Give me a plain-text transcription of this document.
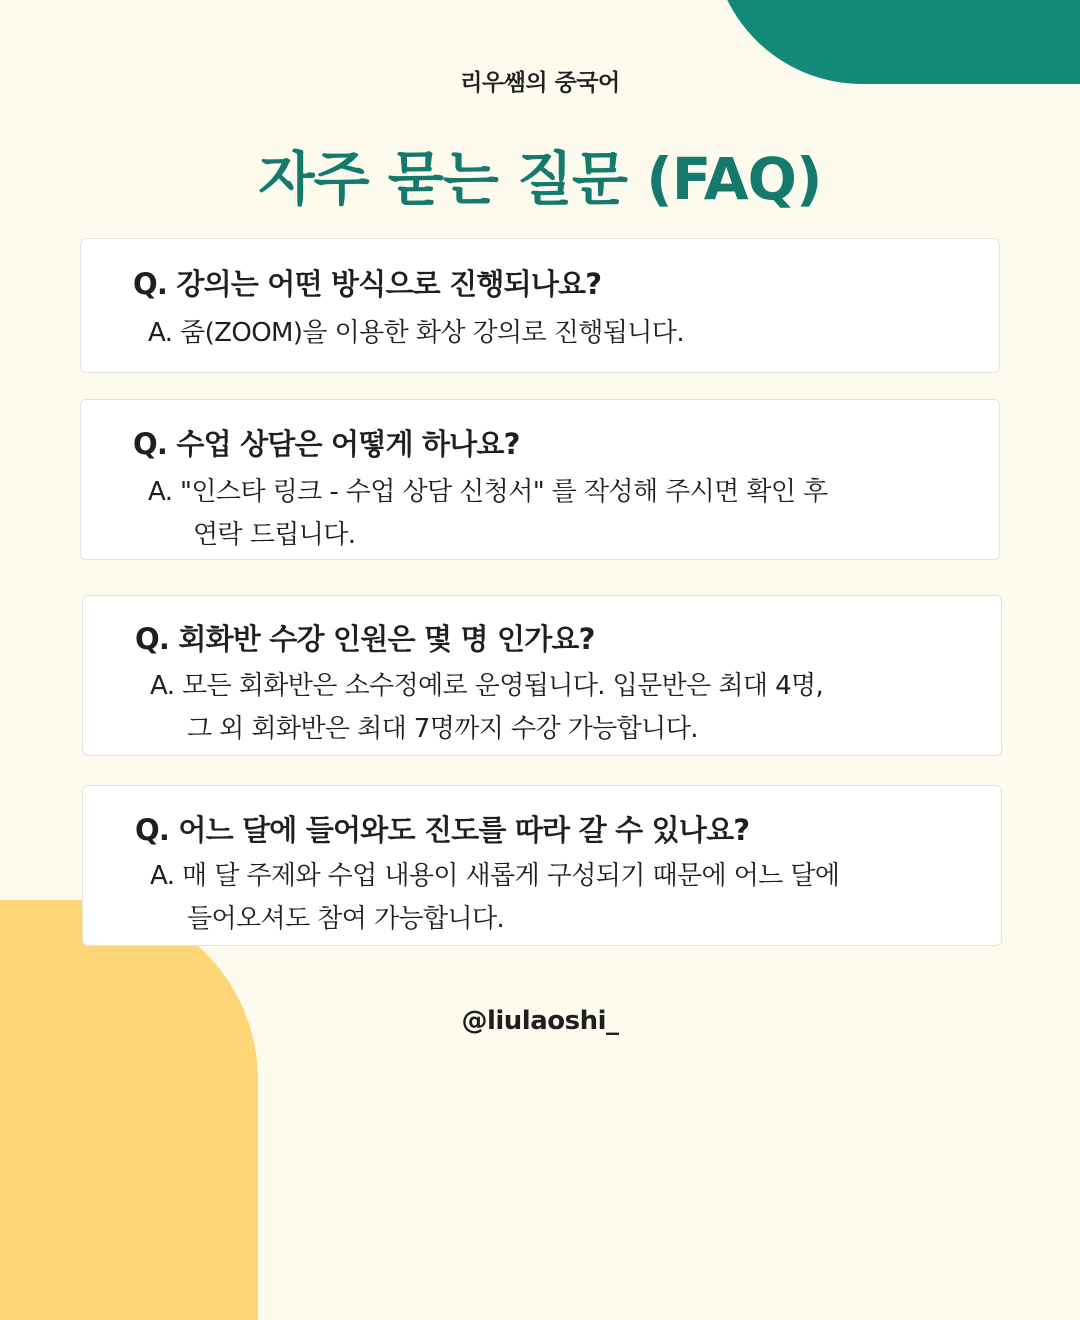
리우쌤의 중국어
자주 묻는 질문 (FAQ)
Q. 강의는 어떤 방식으로 진행되나요?
A. 줌(ZOOM)을 이용한 화상 강의로 진행됩니다.
Q. 수업 상담은 어떻게 하나요?
A. "인스타 링크 - 수업 상담 신청서" 를 작성해 주시면 확인 후
연락 드립니다.
Q. 회화반 수강 인원은 몇 명 인가요?
A. 모든 회화반은 소수정예로 운영됩니다. 입문반은 최대 4명,
그 외 회화반은 최대 7명까지 수강 가능합니다.
Q. 어느 달에 들어와도 진도를 따라 갈 수 있나요?
A. 매 달 주제와 수업 내용이 새롭게 구성되기 때문에 어느 달에
들어오셔도 참여 가능합니다.
@liulaoshi_
